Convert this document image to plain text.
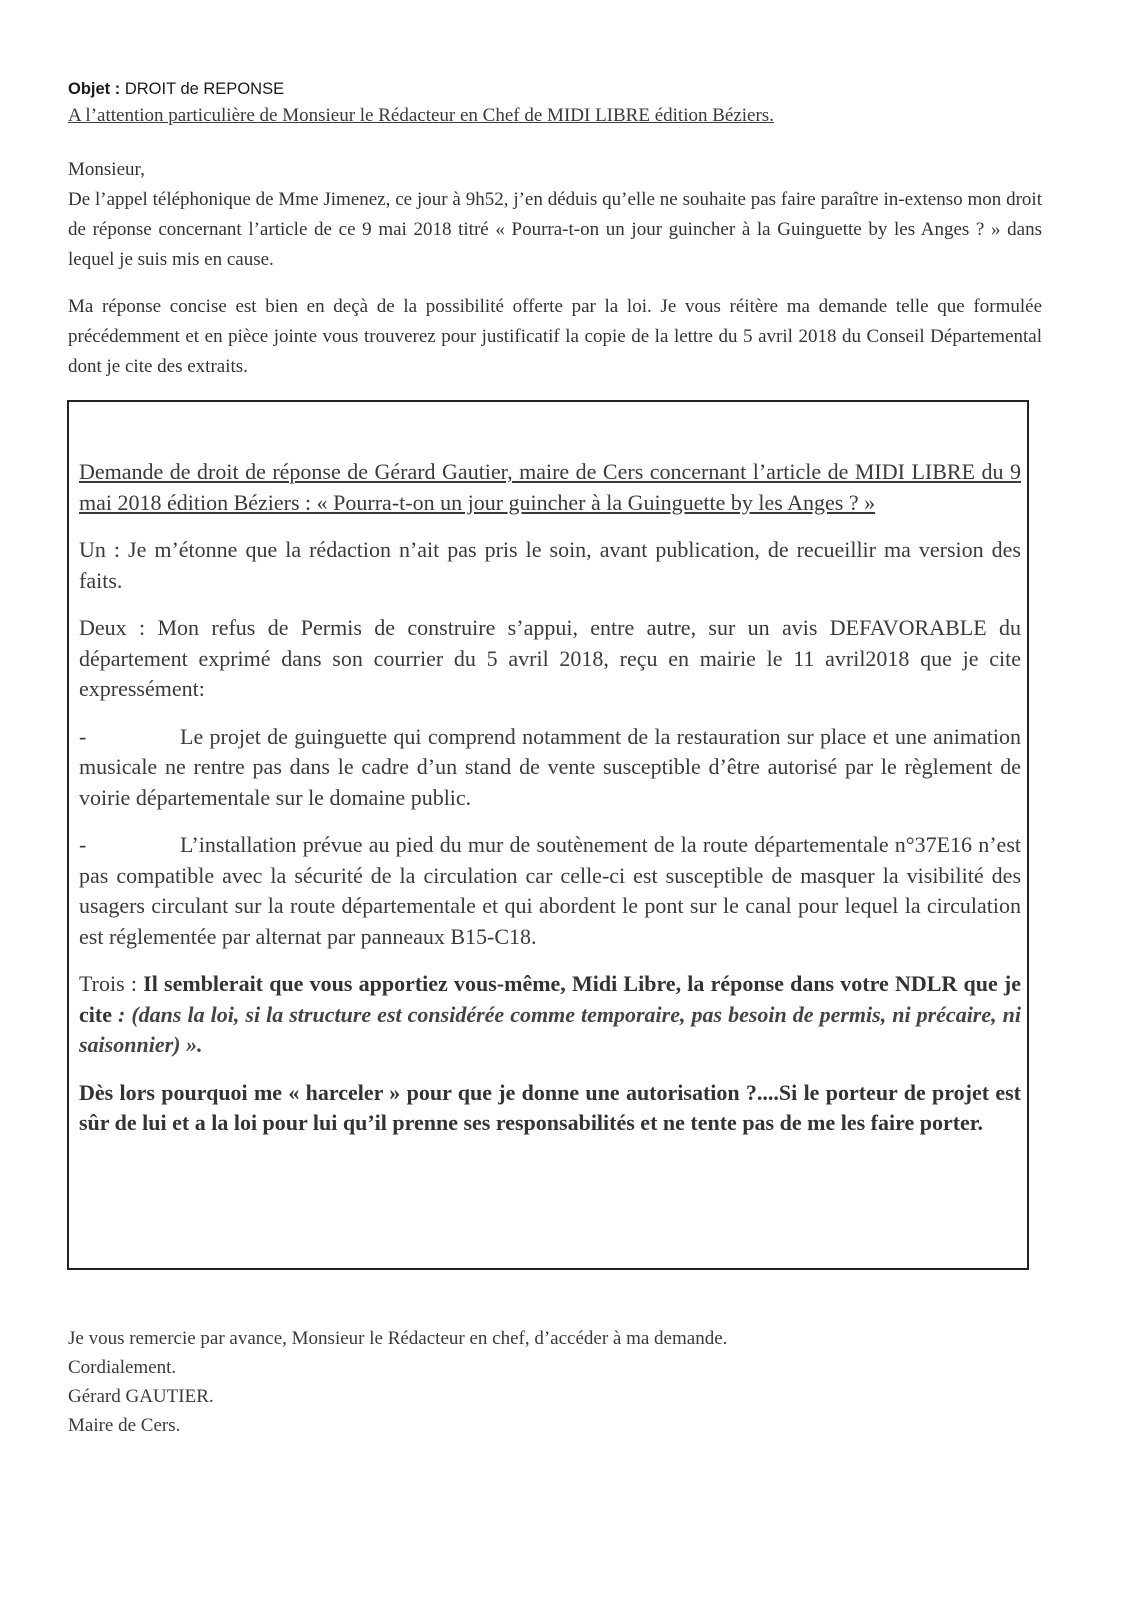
Objet : DROIT de REPONSE
A l’attention particulière de Monsieur le Rédacteur en Chef de MIDI LIBRE édition Béziers.

Monsieur,

De l’appel téléphonique de Mme Jimenez, ce jour à 9h52, j’en déduis qu’elle ne souhaite pas faire paraître in-extenso mon droit de réponse concernant l’article de ce 9 mai 2018 titré « Pourra-t-on un jour guincher à la Guinguette by les Anges ? » dans lequel je suis mis en cause.

Ma réponse concise est bien en deçà de la possibilité offerte par la loi. Je vous réitère ma demande telle que formulée précédemment et en pièce jointe vous trouverez pour justificatif la copie de la lettre du 5 avril 2018 du Conseil Départemental dont je cite des extraits.

Demande de droit de réponse de Gérard Gautier, maire de Cers concernant l’article de MIDI LIBRE du 9 mai 2018 édition Béziers : « Pourra-t-on un jour guincher à la Guinguette by les Anges ? »

Un : Je m’étonne que la rédaction n’ait pas pris le soin, avant publication, de recueillir ma version des faits.

Deux : Mon refus de Permis de construire s’appui, entre autre, sur un avis DEFAVORABLE du département exprimé dans son courrier du 5 avril 2018, reçu en mairie le 11 avril2018 que je cite expressément:

-	Le projet de guinguette qui comprend notamment de la restauration sur place et une animation musicale ne rentre pas dans le cadre d’un stand de vente susceptible d’être autorisé par le règlement de voirie départementale sur le domaine public.

-	L’installation prévue au pied du mur de soutènement de la route départementale n°37E16 n’est pas compatible avec la sécurité de la circulation car celle-ci est susceptible de masquer la visibilité des usagers circulant sur la route départementale et qui abordent le pont sur le canal pour lequel la circulation est réglementée par alternat par panneaux B15-C18.

Trois : Il semblerait que vous apportiez vous-même, Midi Libre, la réponse dans votre NDLR que je cite : (dans la loi, si la structure est considérée comme temporaire, pas besoin de permis, ni précaire, ni saisonnier) ».

Dès lors pourquoi me « harceler » pour que je donne une autorisation ?....Si le porteur de projet est sûr de lui et a la loi pour lui qu’il prenne ses responsabilités et ne tente pas de me les faire porter.

Je vous remercie par avance, Monsieur le Rédacteur en chef, d’accéder à ma demande.

Cordialement.

Gérard GAUTIER.

Maire de Cers.
